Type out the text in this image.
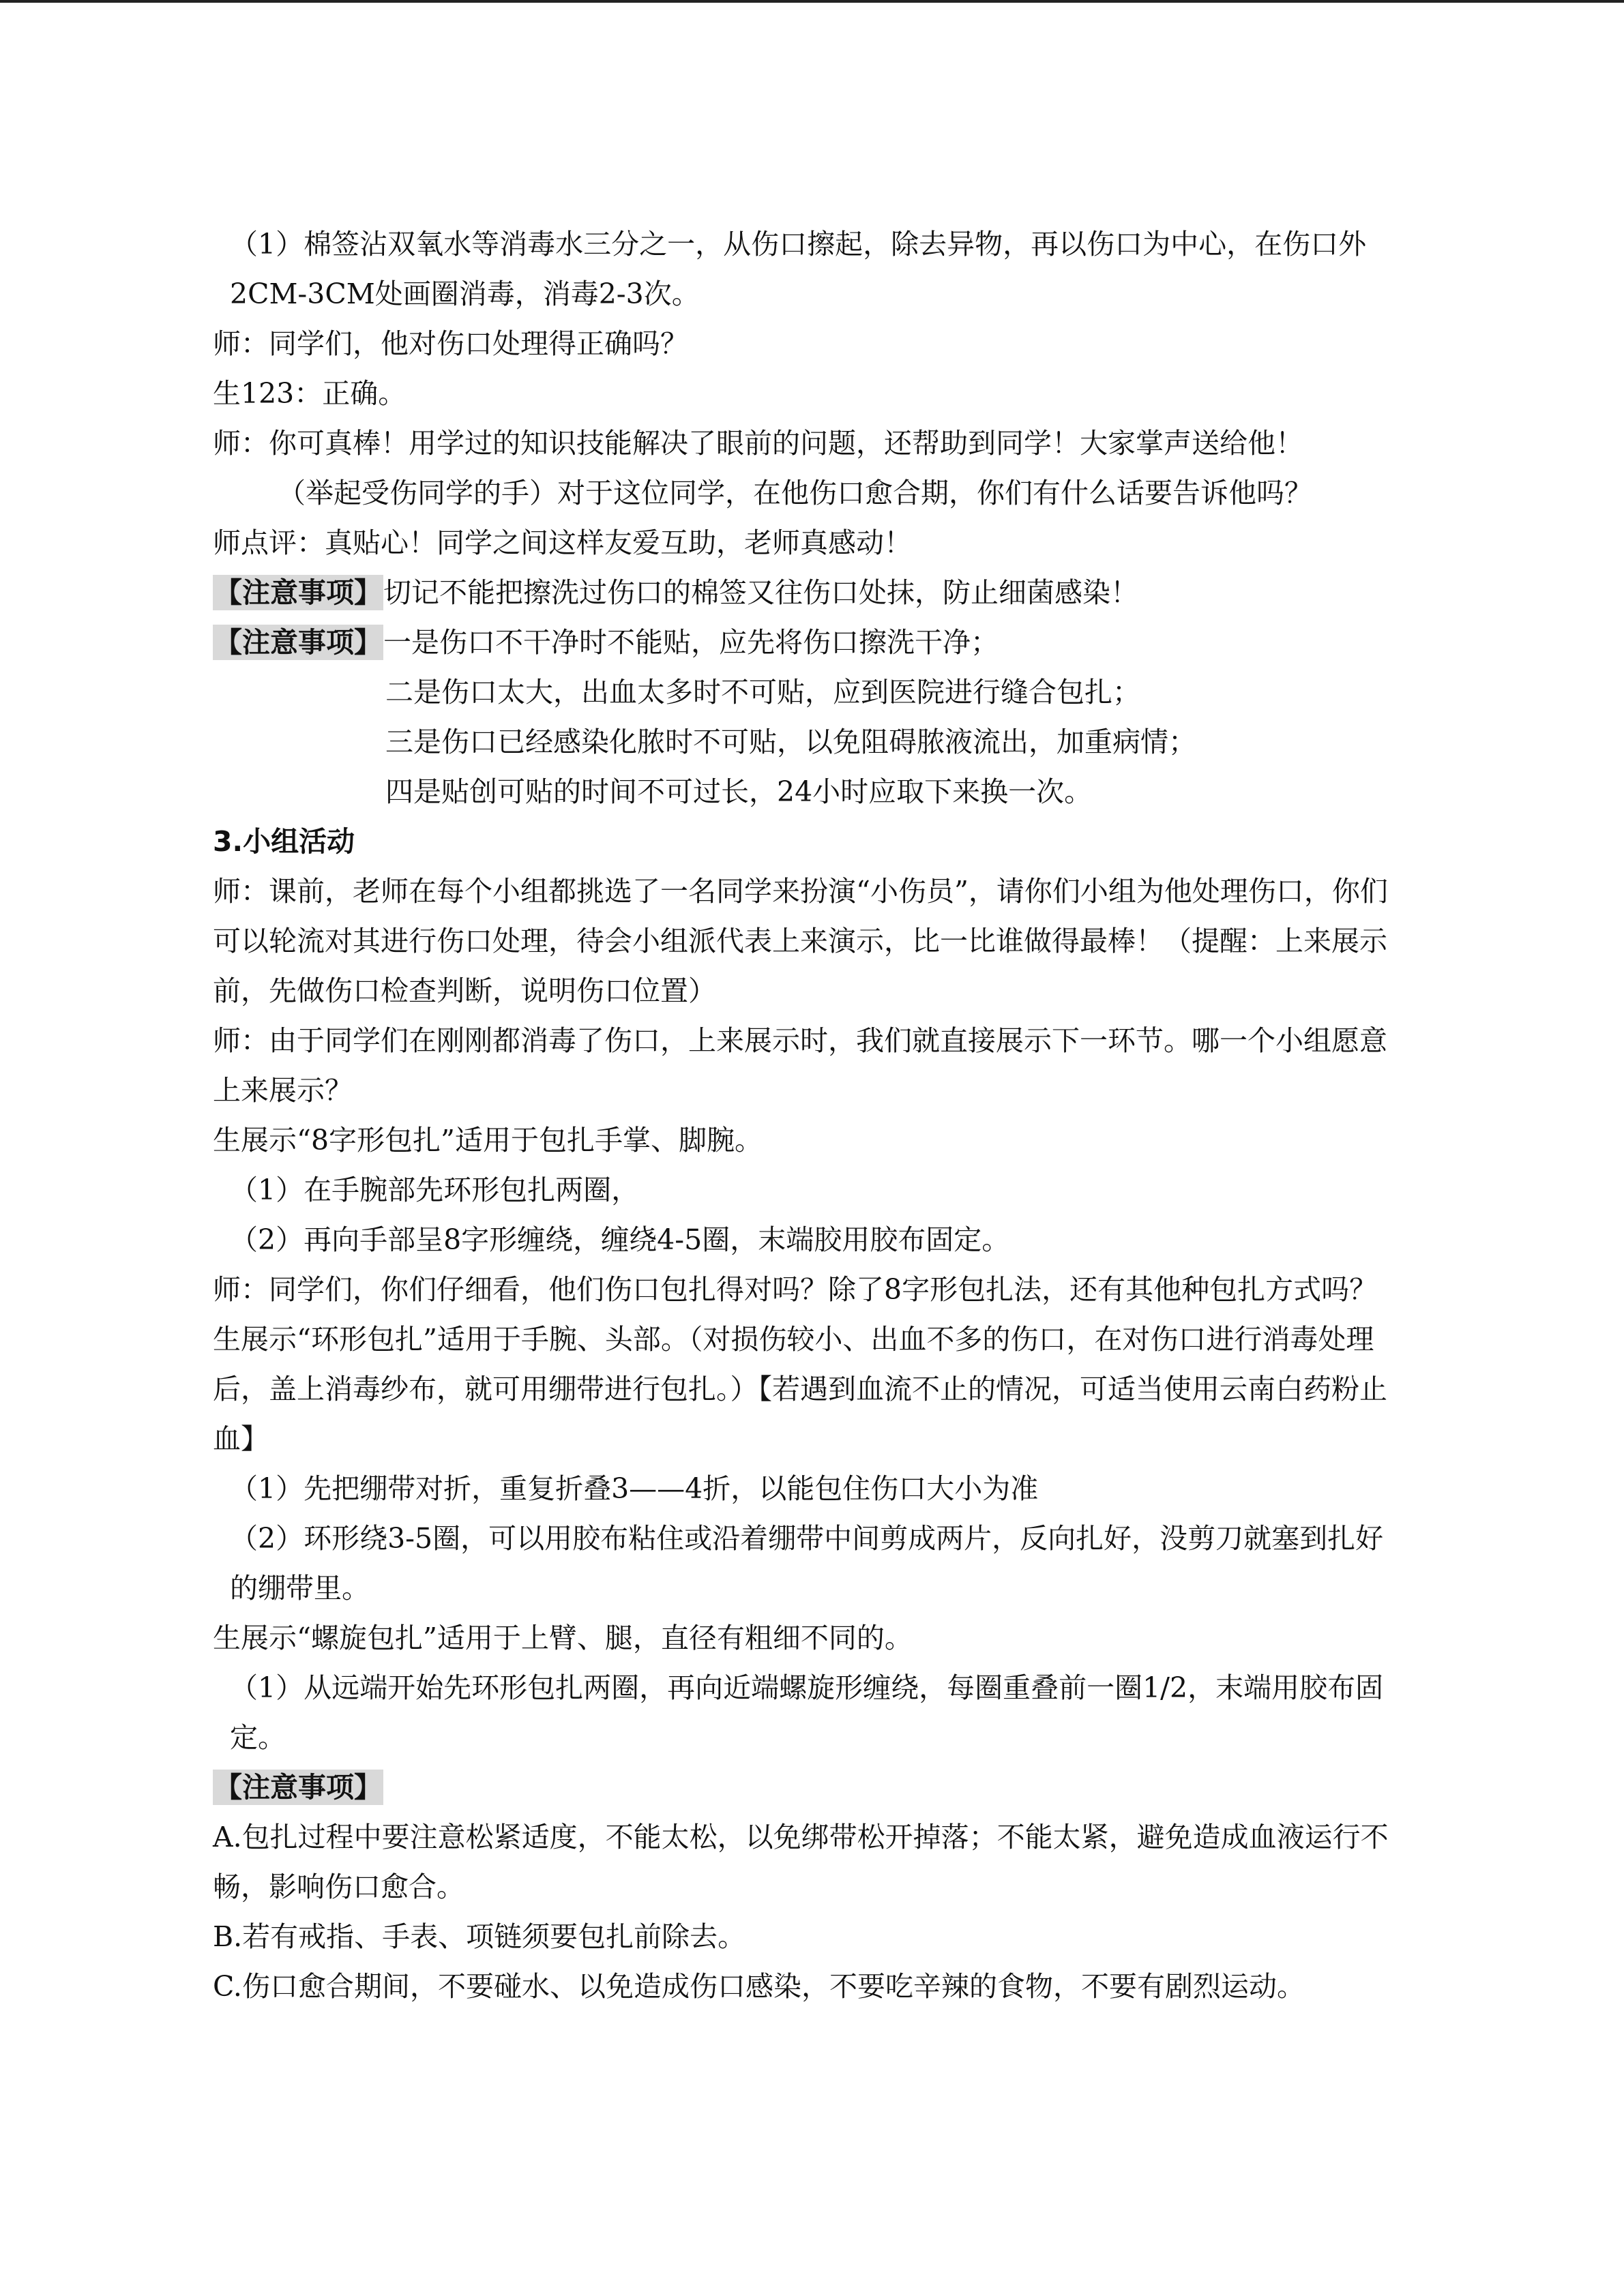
（1）棉签沾双氧水等消毒水三分之一，从伤口擦起，除去异物，再以伤口为中心，在伤口外2CM-3CM处画圈消毒，消毒2-3次。

师：同学们，他对伤口处理得正确吗？

生123：正确。

师：你可真棒！用学过的知识技能解决了眼前的问题，还帮助到同学！大家掌声送给他！

（举起受伤同学的手）对于这位同学，在他伤口愈合期，你们有什么话要告诉他吗？

师点评：真贴心！同学之间这样友爱互助，老师真感动！

【注意事项】切记不能把擦洗过伤口的棉签又往伤口处抹，防止细菌感染！

【注意事项】一是伤口不干净时不能贴，应先将伤口擦洗干净；

二是伤口太大，出血太多时不可贴，应到医院进行缝合包扎；

三是伤口已经感染化脓时不可贴，以免阻碍脓液流出，加重病情；

四是贴创可贴的时间不可过长，24小时应取下来换一次。

3.小组活动

师：课前，老师在每个小组都挑选了一名同学来扮演“小伤员”，请你们小组为他处理伤口，你们可以轮流对其进行伤口处理，待会小组派代表上来演示，比一比谁做得最棒！（提醒：上来展示前，先做伤口检查判断，说明伤口位置）

师：由于同学们在刚刚都消毒了伤口，上来展示时，我们就直接展示下一环节。哪一个小组愿意上来展示？

生展示“8字形包扎”适用于包扎手掌、脚腕。

（1）在手腕部先环形包扎两圈，

（2）再向手部呈8字形缠绕，缠绕4-5圈，末端胶用胶布固定。

师：同学们，你们仔细看，他们伤口包扎得对吗？除了8字形包扎法，还有其他种包扎方式吗？

生展示“环形包扎”适用于手腕、头部。（对损伤较小、出血不多的伤口，在对伤口进行消毒处理后，盖上消毒纱布，就可用绷带进行包扎。）【若遇到血流不止的情况，可适当使用云南白药粉止血】

（1）先把绷带对折，重复折叠3——4折，以能包住伤口大小为准

（2）环形绕3-5圈，可以用胶布粘住或沿着绷带中间剪成两片，反向扎好，没剪刀就塞到扎好的绷带里。

生展示“螺旋包扎”适用于上臂、腿，直径有粗细不同的。

（1）从远端开始先环形包扎两圈，再向近端螺旋形缠绕，每圈重叠前一圈1/2，末端用胶布固定。

【注意事项】

A.包扎过程中要注意松紧适度，不能太松，以免绑带松开掉落；不能太紧，避免造成血液运行不畅，影响伤口愈合。

B.若有戒指、手表、项链须要包扎前除去。

C.伤口愈合期间，不要碰水、以免造成伤口感染，不要吃辛辣的食物，不要有剧烈运动。
